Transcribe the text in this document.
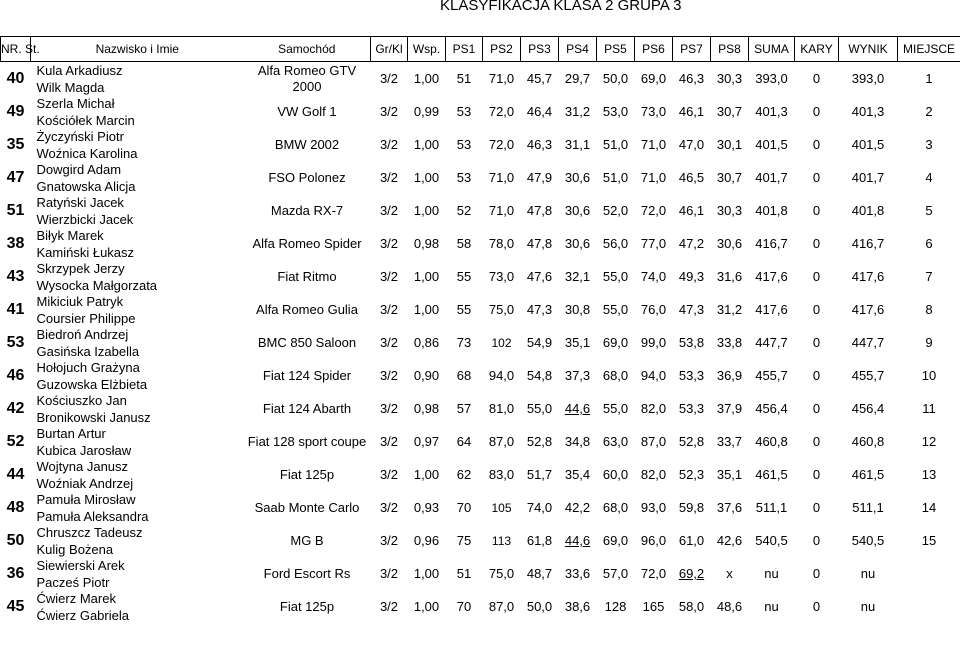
KLASYFIKACJA KLASA 2 GRUPA 3
NR. St.	Nazwisko i Imie	Samochód	Gr/Kl	Wsp.	PS1	PS2	PS3	PS4	PS5	PS6	PS7	PS8	SUMA	KARY	WYNIK	MIEJSCE
40	Kula Arkadiusz
Wilk Magda	Alfa Romeo GTV 2000	3/2	1,00	51	71,0	45,7	29,7	50,0	69,0	46,3	30,3	393,0	0	393,0	1
49	Szerla Michał
Kościółek Marcin	VW Golf 1	3/2	0,99	53	72,0	46,4	31,2	53,0	73,0	46,1	30,7	401,3	0	401,3	2
35	Życzyński Piotr
Woźnica Karolina	BMW 2002	3/2	1,00	53	72,0	46,3	31,1	51,0	71,0	47,0	30,1	401,5	0	401,5	3
47	Dowgird Adam
Gnatowska Alicja	FSO Polonez	3/2	1,00	53	71,0	47,9	30,6	51,0	71,0	46,5	30,7	401,7	0	401,7	4
51	Ratyński Jacek
Wierzbicki Jacek	Mazda RX-7	3/2	1,00	52	71,0	47,8	30,6	52,0	72,0	46,1	30,3	401,8	0	401,8	5
38	Biłyk Marek
Kamiński Łukasz	Alfa Romeo Spider	3/2	0,98	58	78,0	47,8	30,6	56,0	77,0	47,2	30,6	416,7	0	416,7	6
43	Skrzypek Jerzy
Wysocka Małgorzata	Fiat Ritmo	3/2	1,00	55	73,0	47,6	32,1	55,0	74,0	49,3	31,6	417,6	0	417,6	7
41	Mikiciuk Patryk
Coursier Philippe	Alfa Romeo Gulia	3/2	1,00	55	75,0	47,3	30,8	55,0	76,0	47,3	31,2	417,6	0	417,6	8
53	Biedroń Andrzej
Gasińska Izabella	BMC 850 Saloon	3/2	0,86	73	102	54,9	35,1	69,0	99,0	53,8	33,8	447,7	0	447,7	9
46	Hołojuch Grażyna
Guzowska Elżbieta	Fiat 124 Spider	3/2	0,90	68	94,0	54,8	37,3	68,0	94,0	53,3	36,9	455,7	0	455,7	10
42	Kościuszko Jan
Bronikowski Janusz	Fiat 124 Abarth	3/2	0,98	57	81,0	55,0	44,6	55,0	82,0	53,3	37,9	456,4	0	456,4	11
52	Burtan Artur
Kubica Jarosław	Fiat 128 sport coupe	3/2	0,97	64	87,0	52,8	34,8	63,0	87,0	52,8	33,7	460,8	0	460,8	12
44	Wojtyna Janusz
Woźniak Andrzej	Fiat 125p	3/2	1,00	62	83,0	51,7	35,4	60,0	82,0	52,3	35,1	461,5	0	461,5	13
48	Pamuła Mirosław
Pamuła Aleksandra	Saab Monte Carlo	3/2	0,93	70	105	74,0	42,2	68,0	93,0	59,8	37,6	511,1	0	511,1	14
50	Chruszcz Tadeusz
Kulig Bożena	MG B	3/2	0,96	75	113	61,8	44,6	69,0	96,0	61,0	42,6	540,5	0	540,5	15
36	Siewierski Arek
Pacześ Piotr	Ford Escort Rs	3/2	1,00	51	75,0	48,7	33,6	57,0	72,0	69,2	x	nu	0	nu	
45	Ćwierz Marek
Ćwierz Gabriela	Fiat 125p	3/2	1,00	70	87,0	50,0	38,6	128	165	58,0	48,6	nu	0	nu	
